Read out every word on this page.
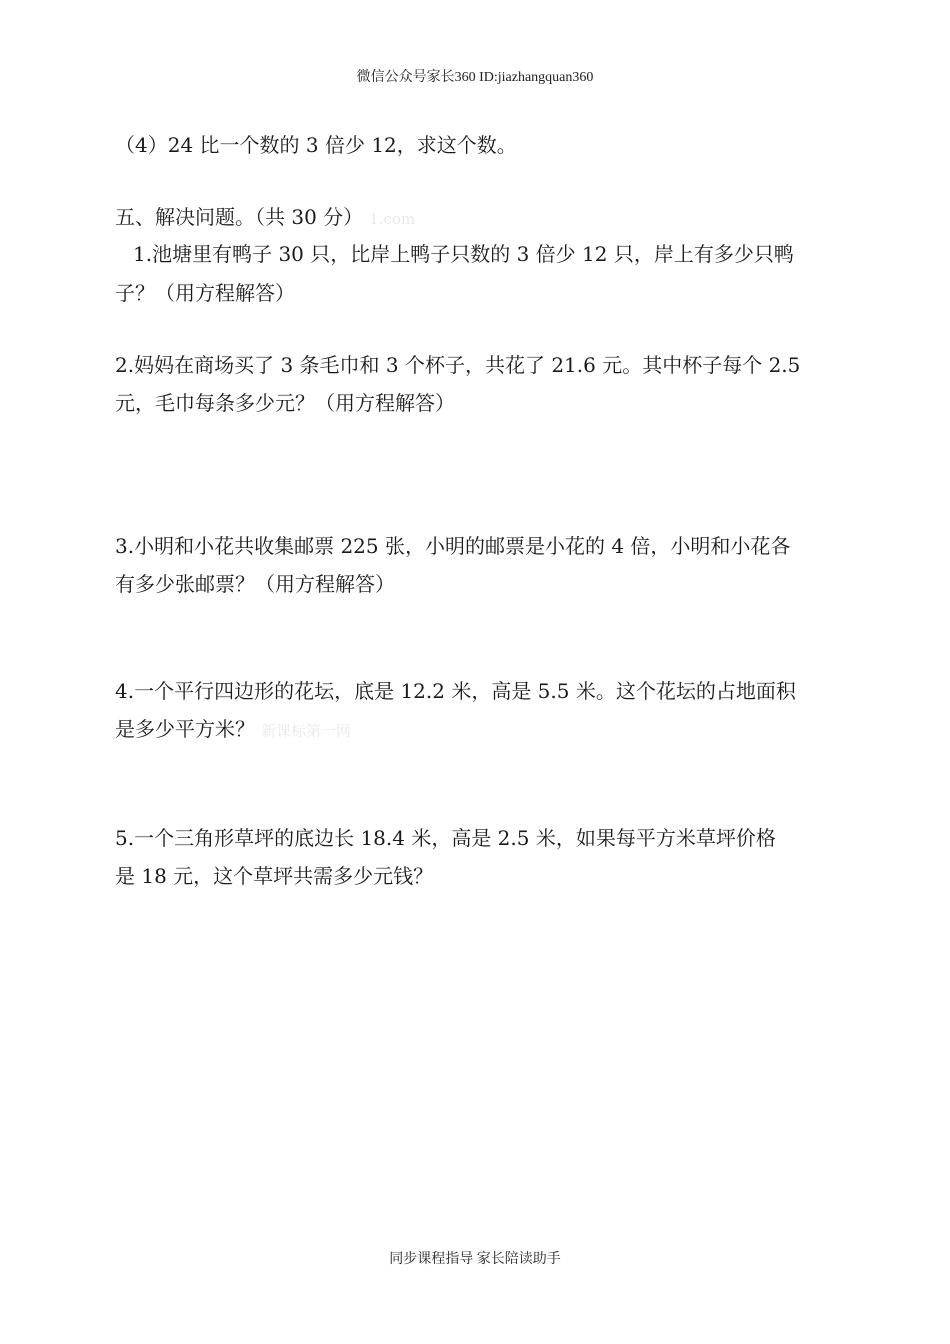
微信公众号家长360 ID:jiazhangquan360
（4）24 比一个数的 3 倍少 12，求这个数。
五、解决问题。（共 30 分） 1.com
1.池塘里有鸭子 30 只，比岸上鸭子只数的 3 倍少 12 只，岸上有多少只鸭
子？（用方程解答）
2.妈妈在商场买了 3 条毛巾和 3 个杯子，共花了 21.6 元。其中杯子每个 2.5
元，毛巾每条多少元？（用方程解答）
3.小明和小花共收集邮票 225 张，小明的邮票是小花的 4 倍，小明和小花各
有多少张邮票？（用方程解答）
4.一个平行四边形的花坛，底是 12.2 米，高是 5.5 米。这个花坛的占地面积
是多少平方米？ 新课标第一网
5.一个三角形草坪的底边长 18.4 米，高是 2.5 米，如果每平方米草坪价格
是 18 元，这个草坪共需多少元钱？
同步课程指导 家长陪读助手
